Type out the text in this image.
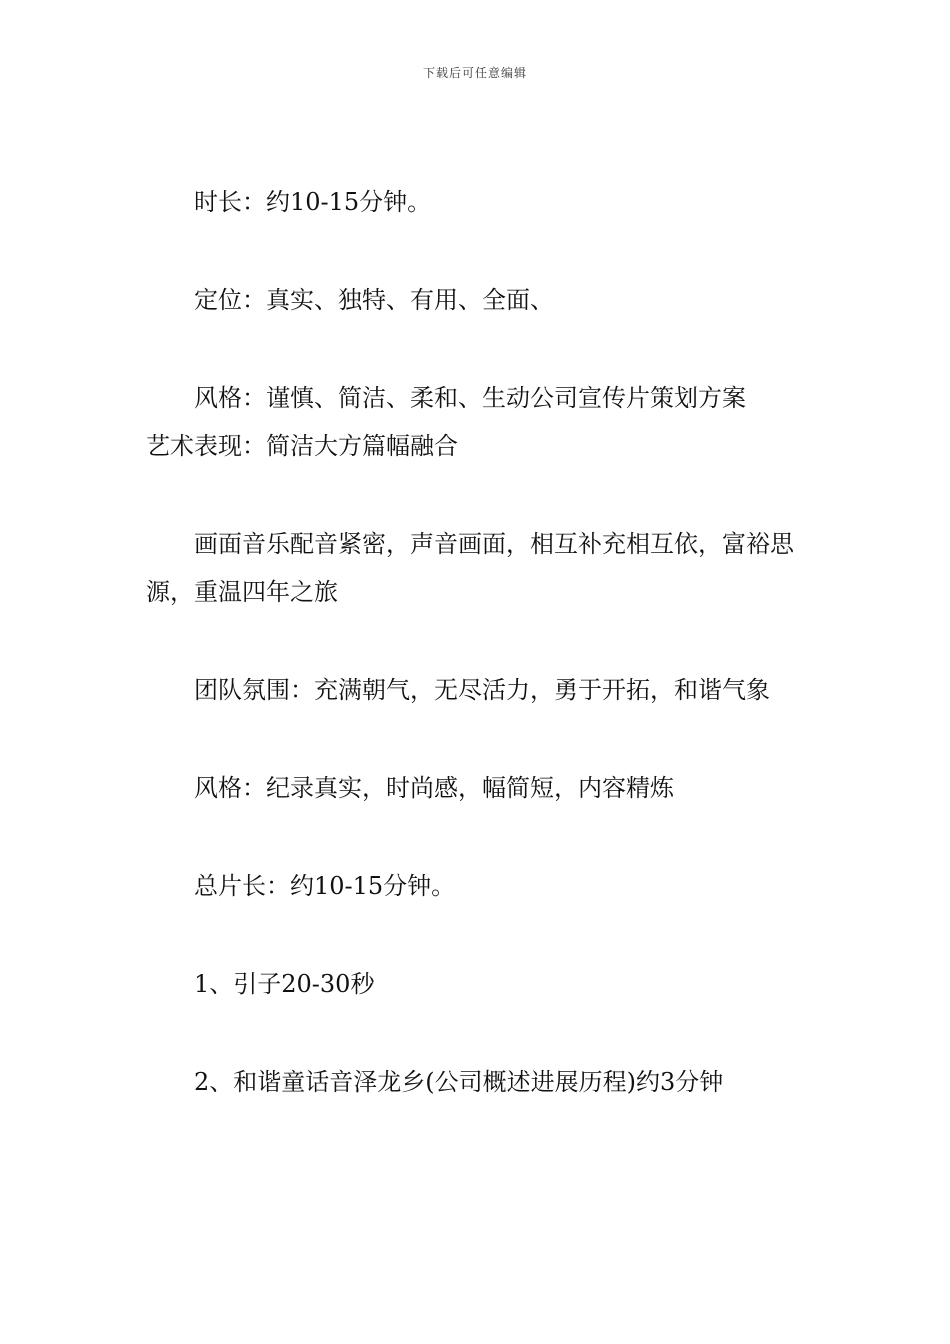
下载后可任意编辑

时长：约10-15分钟。

定位：真实、独特、有用、全面、

风格：谨慎、简洁、柔和、生动公司宣传片策划方案

艺术表现：简洁大方篇幅融合

画面音乐配音紧密，声音画面，相互补充相互依，富裕思源，重温四年之旅

团队氛围：充满朝气，无尽活力，勇于开拓，和谐气象

风格：纪录真实，时尚感，幅简短，内容精炼

总片长：约10-15分钟。

1、引子20-30秒

2、和谐童话音泽龙乡(公司概述进展历程)约3分钟
